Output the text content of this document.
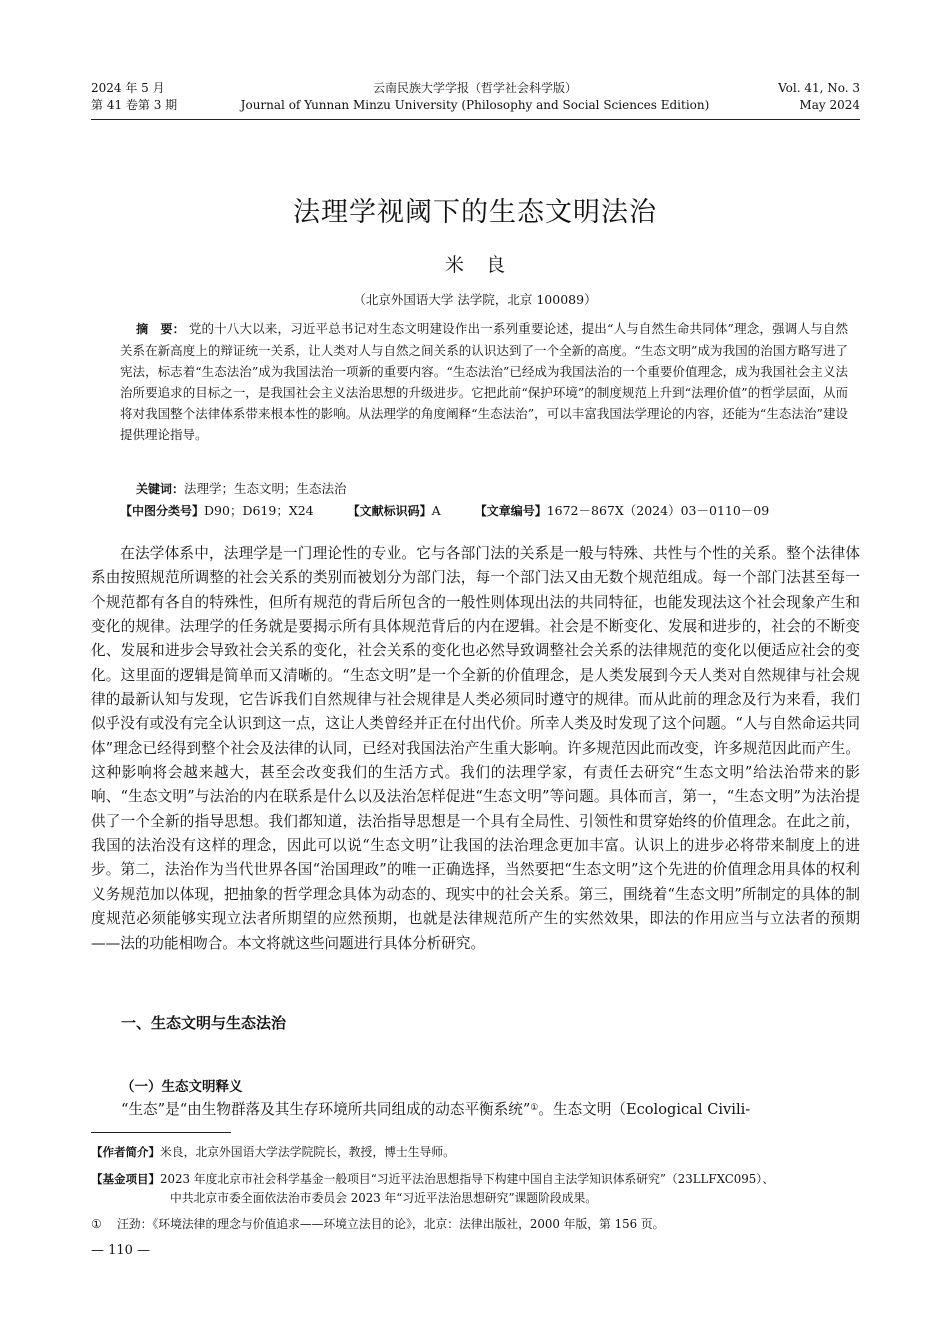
2024 年 5 月
第 41 卷第 3 期
云南民族大学学报（哲学社会科学版）
Journal of Yunnan Minzu University (Philosophy and Social Sciences Edition)
Vol. 41, No. 3
May 2024
法理学视阈下的生态文明法治
米良
（北京外国语大学 法学院，北京 100089）

摘　要： 党的十八大以来，习近平总书记对生态文明建设作出一系列重要论述，提出“人与自然生命共同体”理念，强调人与自然关系在新高度上的辩证统一关系，让人类对人与自然之间关系的认识达到了一个全新的高度。“生态文明”成为我国的治国方略写进了宪法，标志着“生态法治”成为我国法治一项新的重要内容。“生态法治”已经成为我国法治的一个重要价值理念，成为我国社会主义法治所要追求的目标之一，是我国社会主义法治思想的升级进步。它把此前“保护环境”的制度规范上升到“法理价值”的哲学层面，从而将对我国整个法律体系带来根本性的影响。从法理学的角度阐释“生态法治”，可以丰富我国法学理论的内容，还能为“生态法治”建设提供理论指导。

关键词：法理学；生态文明；生态法治
【中图分类号】D90；D619；X24	【文献标识码】A	【文章编号】1672－867X（2024）03－0110－09

在法学体系中，法理学是一门理论性的专业。它与各部门法的关系是一般与特殊、共性与个性的关系。整个法律体系由按照规范所调整的社会关系的类别而被划分为部门法，每一个部门法又由无数个规范组成。每一个部门法甚至每一个规范都有各自的特殊性，但所有规范的背后所包含的一般性则体现出法的共同特征，也能发现法这个社会现象产生和变化的规律。法理学的任务就是要揭示所有具体规范背后的内在逻辑。社会是不断变化、发展和进步的，社会的不断变化、发展和进步会导致社会关系的变化，社会关系的变化也必然导致调整社会关系的法律规范的变化以便适应社会的变化。这里面的逻辑是简单而又清晰的。“生态文明”是一个全新的价值理念，是人类发展到今天人类对自然规律与社会规律的最新认知与发现，它告诉我们自然规律与社会规律是人类必须同时遵守的规律。而从此前的理念及行为来看，我们似乎没有或没有完全认识到这一点，这让人类曾经并正在付出代价。所幸人类及时发现了这个问题。“人与自然命运共同体”理念已经得到整个社会及法律的认同，已经对我国法治产生重大影响。许多规范因此而改变，许多规范因此而产生。这种影响将会越来越大，甚至会改变我们的生活方式。我们的法理学家，有责任去研究“生态文明”给法治带来的影响、“生态文明”与法治的内在联系是什么以及法治怎样促进“生态文明”等问题。具体而言，第一，“生态文明”为法治提供了一个全新的指导思想。我们都知道，法治指导思想是一个具有全局性、引领性和贯穿始终的价值理念。在此之前，我国的法治没有这样的理念，因此可以说“生态文明”让我国的法治理念更加丰富。认识上的进步必将带来制度上的进步。第二，法治作为当代世界各国“治国理政”的唯一正确选择，当然要把“生态文明”这个先进的价值理念用具体的权利义务规范加以体现，把抽象的哲学理念具体为动态的、现实中的社会关系。第三，围绕着“生态文明”所制定的具体的制度规范必须能够实现立法者所期望的应然预期，也就是法律规范所产生的实然效果，即法的作用应当与立法者的预期——法的功能相吻合。本文将就这些问题进行具体分析研究。

一、生态文明与生态法治
（一）生态文明释义
“生态”是“由生物群落及其生存环境所共同组成的动态平衡系统”①。生态文明（Ecological Civili-
【作者简介】米良，北京外国语大学法学院院长，教授，博士生导师。
【基金项目】2023 年度北京市社会科学基金一般项目“习近平法治思想指导下构建中国自主法学知识体系研究”（23LLFXC095）、
中共北京市委全面依法治市委员会 2023 年“习近平法治思想研究”课题阶段成果。
① 汪劲：《环境法律的理念与价值追求——环境立法目的论》，北京：法律出版社，2000 年版，第 156 页。
— 110 —
